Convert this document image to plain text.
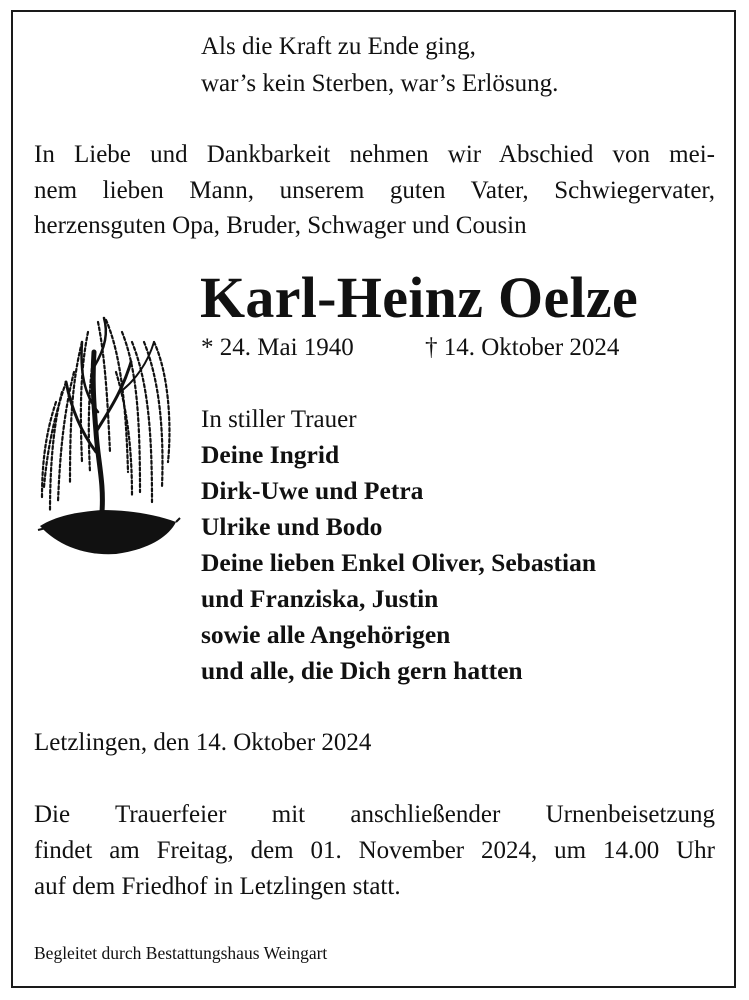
Als die Kraft zu Ende ging,
war’s kein Sterben, war’s Erlösung.
In Liebe und Dankbarkeit nehmen wir Abschied von mei-
nem lieben Mann, unserem guten Vater, Schwiegervater,
herzensguten Opa, Bruder, Schwager und Cousin
Karl-Heinz Oelze
* 24. Mai 1940	† 14. Oktober 2024
In stiller Trauer
Deine Ingrid
Dirk-Uwe und Petra
Ulrike und Bodo
Deine lieben Enkel Oliver, Sebastian
und Franziska, Justin
sowie alle Angehörigen
und alle, die Dich gern hatten
Letzlingen, den 14. Oktober 2024
Die Trauerfeier mit anschließender Urnenbeisetzung
findet am Freitag, dem 01. November 2024, um 14.00 Uhr
auf dem Friedhof in Letzlingen statt.
Begleitet durch Bestattungshaus Weingart
